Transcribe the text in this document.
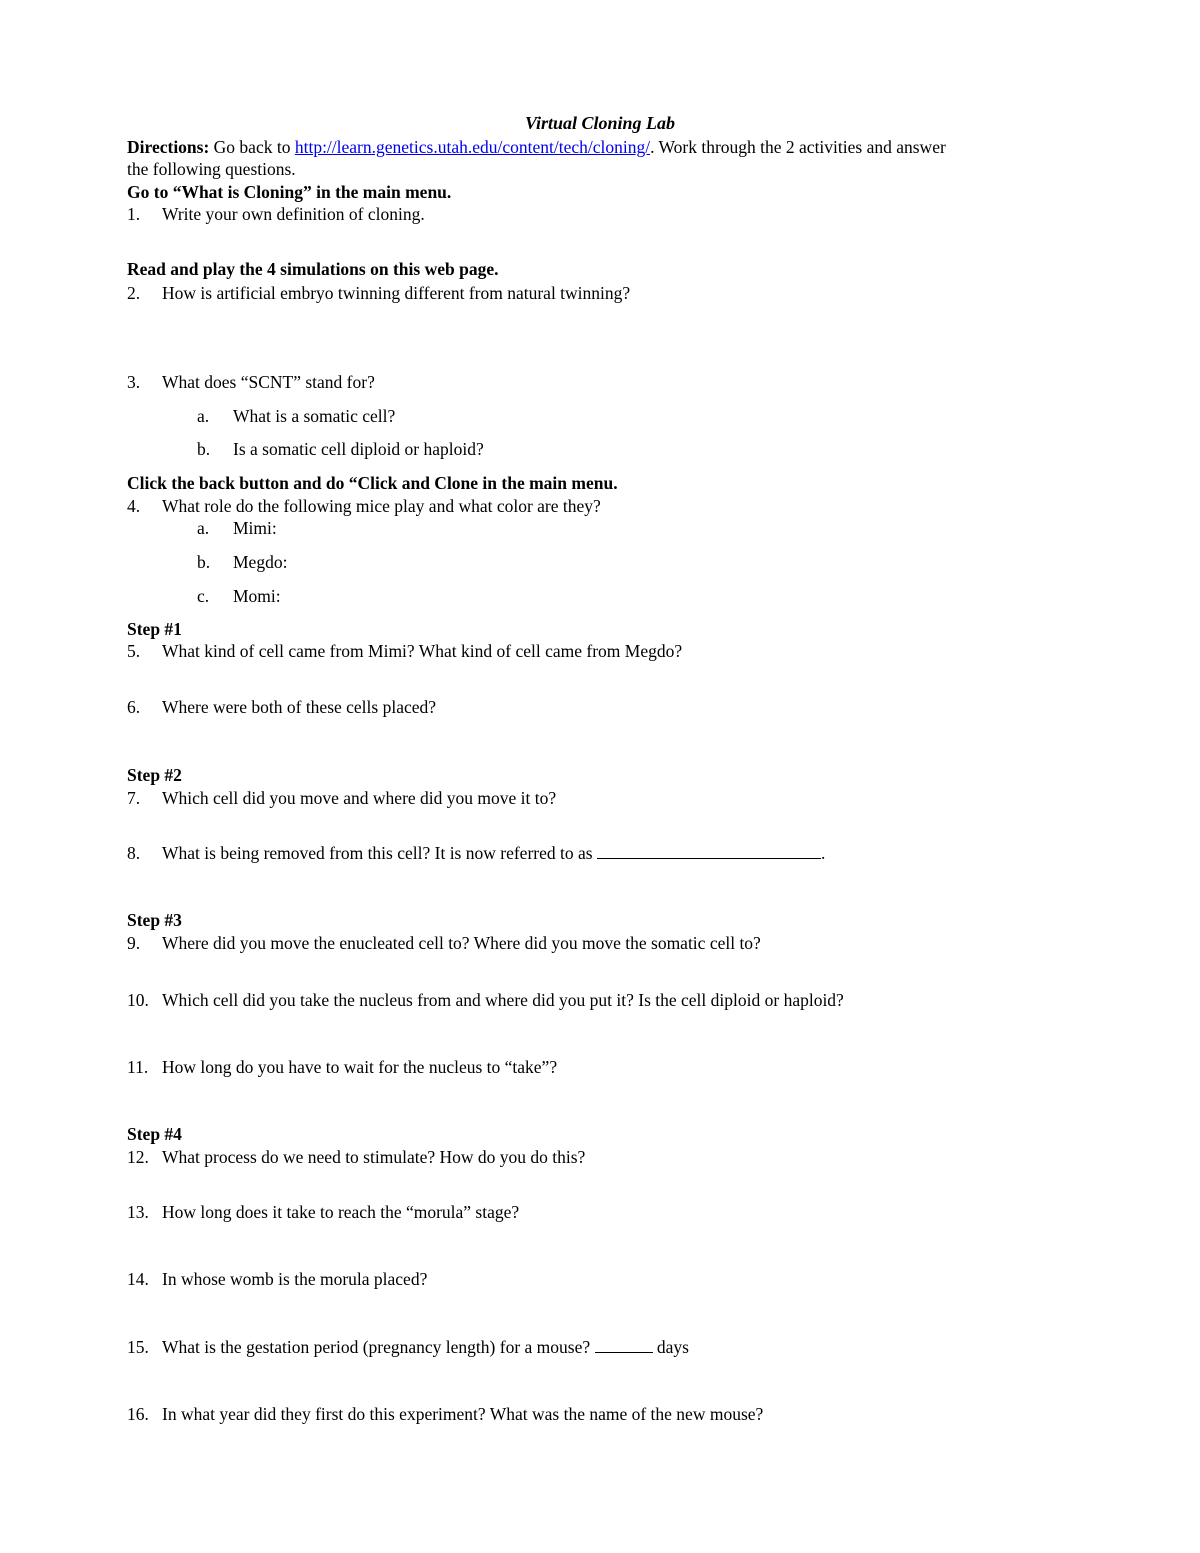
Virtual Cloning Lab
Directions: Go back to http://learn.genetics.utah.edu/content/tech/cloning/. Work through the 2 activities and answer
the following questions.
Go to “What is Cloning” in the main menu.
1. Write your own definition of cloning.
Read and play the 4 simulations on this web page.
2. How is artificial embryo twinning different from natural twinning?
3. What does “SCNT” stand for?
a. What is a somatic cell?
b. Is a somatic cell diploid or haploid?
Click the back button and do “Click and Clone in the main menu.
4. What role do the following mice play and what color are they?
a. Mimi:
b. Megdo:
c. Momi:
Step #1
5. What kind of cell came from Mimi? What kind of cell came from Megdo?
6. Where were both of these cells placed?
Step #2
7. Which cell did you move and where did you move it to?
8. What is being removed from this cell? It is now referred to as	.
Step #3
9. Where did you move the enucleated cell to? Where did you move the somatic cell to?
10. Which cell did you take the nucleus from and where did you put it? Is the cell diploid or haploid?
11. How long do you have to wait for the nucleus to “take”?
Step #4
12. What process do we need to stimulate? How do you do this?
13. How long does it take to reach the “morula” stage?
14. In whose womb is the morula placed?
15. What is the gestation period (pregnancy length) for a mouse?	days
16. In what year did they first do this experiment? What was the name of the new mouse?
